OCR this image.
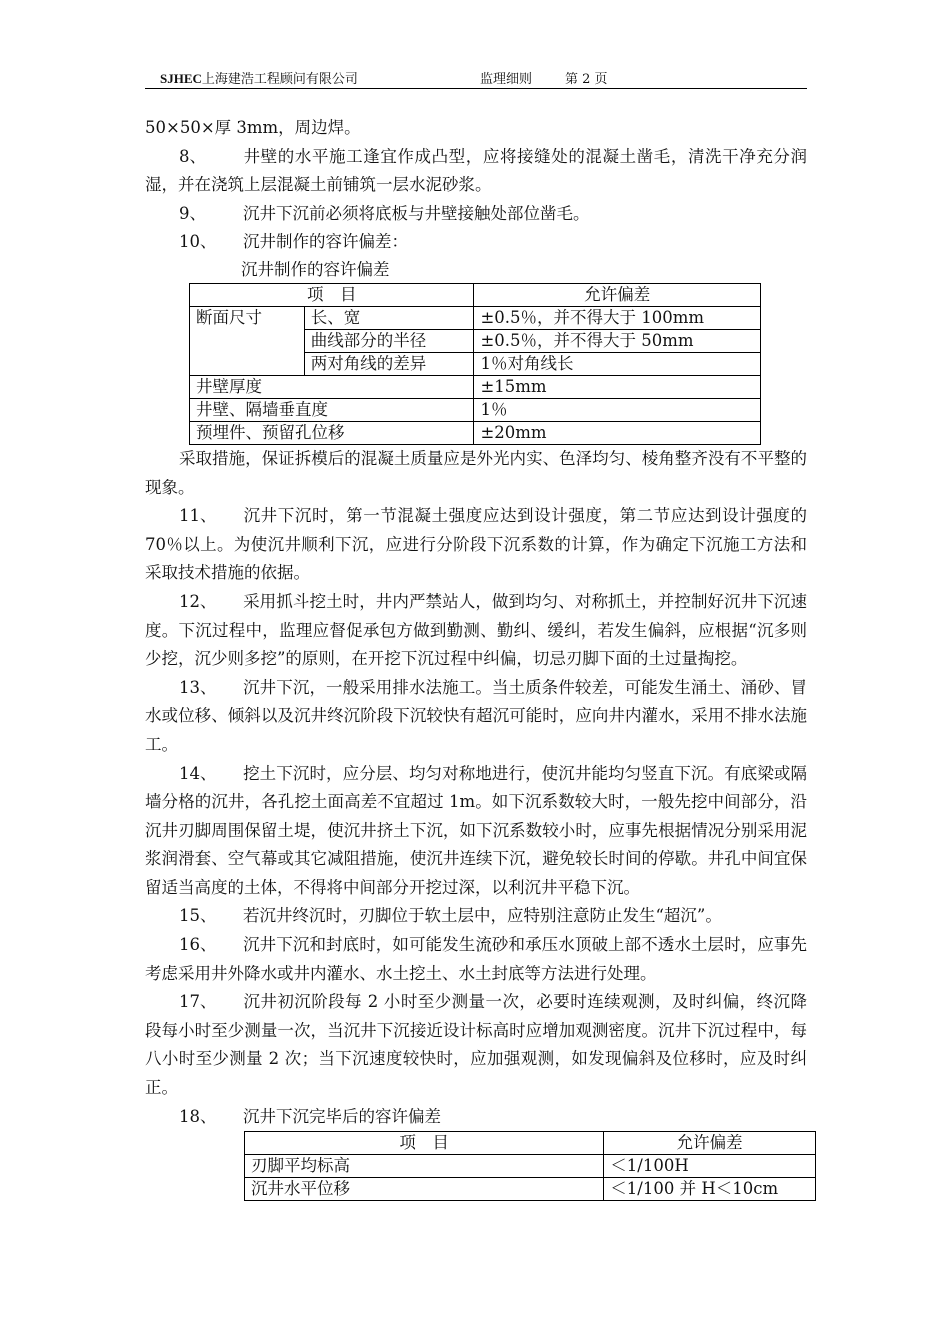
SJHEC上海建浩工程顾问有限公司	监理细则	第 2 页

50×50×厚 3mm，周边焊。

8、 井壁的水平施工逢宜作成凸型，应将接缝处的混凝土凿毛，清洗干净充分润湿，并在浇筑上层混凝土前铺筑一层水泥砂浆。

9、 沉井下沉前必须将底板与井壁接触处部位凿毛。

10、 沉井制作的容许偏差：

沉井制作的容许偏差

项　目		允许偏差
断面尺寸	长、宽	±0.5％，并不得大于 100mm
	曲线部分的半径	±0.5％，并不得大于 50mm
	两对角线的差异	1％对角线长
井壁厚度		±15mm
井壁、隔墙垂直度		1％
预埋件、预留孔位移		±20mm

采取措施，保证拆模后的混凝土质量应是外光内实、色泽均匀、棱角整齐没有不平整的现象。

11、 沉井下沉时，第一节混凝土强度应达到设计强度，第二节应达到设计强度的 70％以上。为使沉井顺利下沉，应进行分阶段下沉系数的计算，作为确定下沉施工方法和采取技术措施的依据。

12、 采用抓斗挖土时，井内严禁站人，做到均匀、对称抓土，并控制好沉井下沉速度。下沉过程中，监理应督促承包方做到勤测、勤纠、缓纠，若发生偏斜，应根据“沉多则少挖，沉少则多挖”的原则，在开挖下沉过程中纠偏，切忌刃脚下面的土过量掏挖。

13、 沉井下沉，一般采用排水法施工。当土质条件较差，可能发生涌土、涌砂、冒水或位移、倾斜以及沉井终沉阶段下沉较快有超沉可能时，应向井内灌水，采用不排水法施工。

14、 挖土下沉时，应分层、均匀对称地进行，使沉井能均匀竖直下沉。有底梁或隔墙分格的沉井，各孔挖土面高差不宜超过 1m。如下沉系数较大时，一般先挖中间部分，沿沉井刃脚周围保留土堤，使沉井挤土下沉，如下沉系数较小时，应事先根据情况分别采用泥浆润滑套、空气幕或其它减阻措施，使沉井连续下沉，避免较长时间的停歇。井孔中间宜保留适当高度的土体，不得将中间部分开挖过深，以利沉井平稳下沉。

15、 若沉井终沉时，刃脚位于软土层中，应特别注意防止发生“超沉”。

16、 沉井下沉和封底时，如可能发生流砂和承压水顶破上部不透水土层时，应事先考虑采用井外降水或井内灌水、水土挖土、水土封底等方法进行处理。

17、 沉井初沉阶段每 2 小时至少测量一次，必要时连续观测，及时纠偏，终沉降段每小时至少测量一次，当沉井下沉接近设计标高时应增加观测密度。沉井下沉过程中，每八小时至少测量 2 次；当下沉速度较快时，应加强观测，如发现偏斜及位移时，应及时纠正。

18、 沉井下沉完毕后的容许偏差

项　目	允许偏差
刃脚平均标高	＜1/100H
沉井水平位移	＜1/100 并 H＜10cm
